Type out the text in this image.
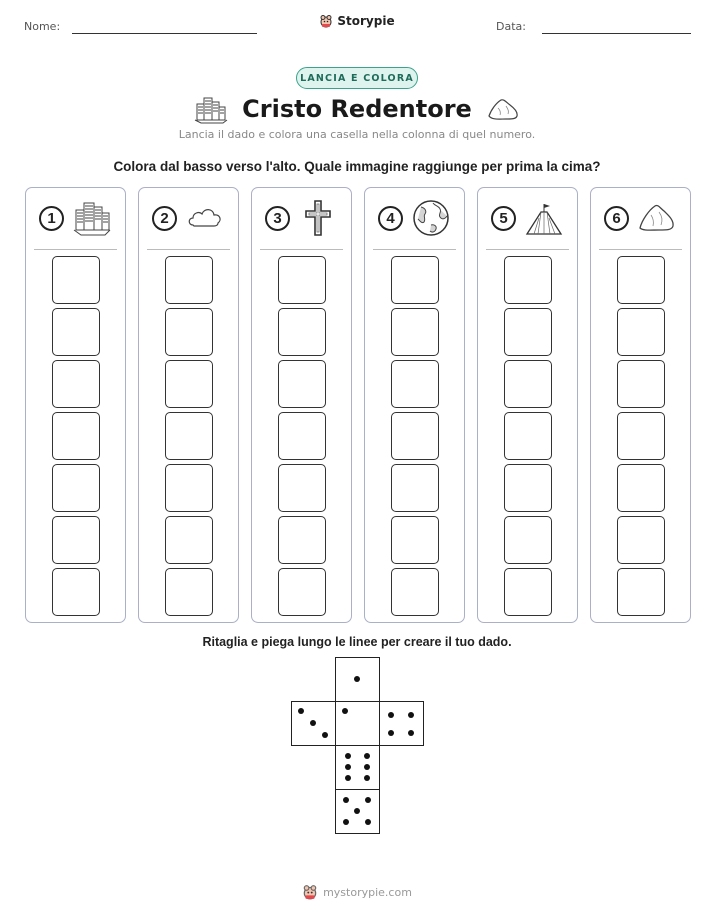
Nome:	Storypie	Data:
LANCIA E COLORA
Cristo Redentore
Lancia il dado e colora una casella nella colonna di quel numero.
Colora dal basso verso l'alto. Quale immagine raggiunge per prima la cima?
1	2	3	4	5	6
Ritaglia e piega lungo le linee per creare il tuo dado.
mystorypie.com
